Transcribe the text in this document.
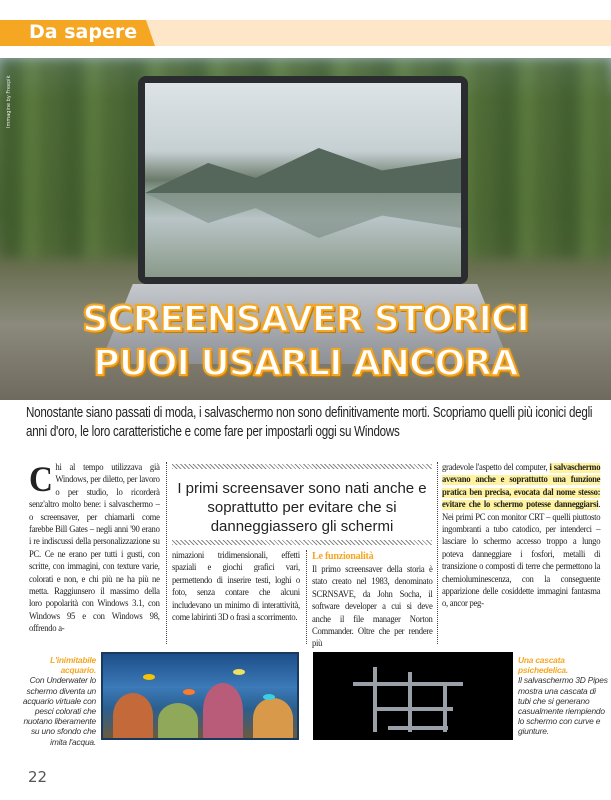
Da sapere
Immagine by Freepik
SCREENSAVER STORICI
PUOI USARLI ANCORA

Nonostante siano passati di moda, i salvaschermo non sono definitivamente morti. Scopriamo quelli più iconici degli anni d'oro, le loro caratteristiche e come fare per impostarli oggi su Windows

Chi al tempo utilizzava già Windows, per diletto, per lavoro o per studio, lo ricorderà senz'altro molto bene: i salvaschermo – o screensaver, per chiamarli come farebbe Bill Gates – negli anni '90 erano i re indiscussi della personalizzazione su PC. Ce ne erano per tutti i gusti, con scritte, con immagini, con texture varie, colorati e non, e chi più ne ha più ne metta. Raggiunsero il massimo della loro popolarità con Windows 3.1, con Windows 95 e con Windows 98, offrendo a-
I primi screensaver sono nati anche e soprattutto per evitare che si danneggiassero gli schermi
nimazioni tridimensionali, effetti spaziali e giochi grafici vari, permettendo di inserire testi, loghi o foto, senza contare che alcuni includevano un minimo di interattività, come labirinti 3D o frasi a scorrimento.
Le funzionalità
Il primo screensaver della storia è stato creato nel 1983, denominato SCRNSAVE, da John Socha, il software developer a cui si deve anche il file manager Norton Commander. Oltre che per rendere più
gradevole l'aspetto del computer, i salvaschermo avevano anche e soprattutto una funzione pratica ben precisa, evocata dal nome stesso: evitare che lo schermo potesse danneggiarsi. Nei primi PC con monitor CRT – quelli piuttosto ingombranti a tubo catodico, per intenderci – lasciare lo schermo accesso troppo a lungo poteva danneggiare i fosfori, metalli di transizione o composti di terre che permettono la chemioluminescenza, con la conseguente apparizione delle cosiddette immagini fantasma o, ancor peg-
L'inimitabile acquario.
Con Underwater lo schermo diventa un acquario virtuale con pesci colorati che nuotano liberamente su uno sfondo che imita l'acqua.
Una cascata psichedelica.
Il salvaschermo 3D Pipes mostra una cascata di tubi che si generano casualmente riempiendo lo schermo con curve e giunture.
22
